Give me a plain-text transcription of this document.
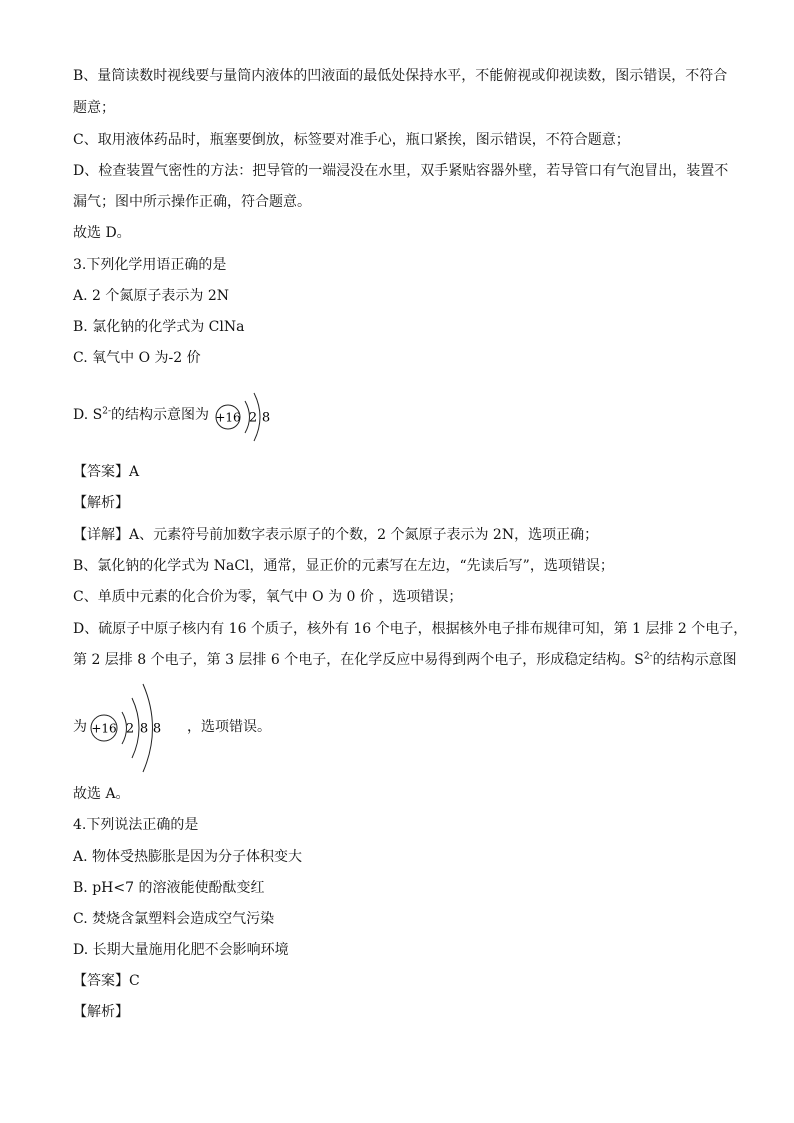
B、量筒读数时视线要与量筒内液体的凹液面的最低处保持水平，不能俯视或仰视读数，图示错误，不符合
题意；
C、取用液体药品时，瓶塞要倒放，标签要对准手心，瓶口紧挨，图示错误，不符合题意；
D、检查装置气密性的方法：把导管的一端浸没在水里，双手紧贴容器外壁，若导管口有气泡冒出，装置不
漏气；图中所示操作正确，符合题意。
故选 D。
3.下列化学用语正确的是
A. 2 个氮原子表示为 2N
B. 氯化钠的化学式为 ClNa
C. 氧气中 O 为-2 价
D. $S^{2-}$的结构示意图为 +16 2 8
【答案】A
【解析】
【详解】A、元素符号前加数字表示原子的个数，2 个氮原子表示为 2N，选项正确；
B、氯化钠的化学式为 NaCl，通常，显正价的元素写在左边，“先读后写”，选项错误；
C、单质中元素的化合价为零，氧气中 O 为 0 价 ，选项错误；
D、硫原子中原子核内有 16 个质子，核外有 16 个电子，根据核外电子排布规律可知，第 1 层排 2 个电子，
第 2 层排 8 个电子，第 3 层排 6 个电子，在化学反应中易得到两个电子，形成稳定结构。$S^{2-}$的结构示意图
为	，选项错误。
+16 2 8 8
故选 A。
4.下列说法正确的是
A. 物体受热膨胀是因为分子体积变大
B. pH<7 的溶液能使酚酞变红
C. 焚烧含氯塑料会造成空气污染
D. 长期大量施用化肥不会影响环境
【答案】C
【解析】
